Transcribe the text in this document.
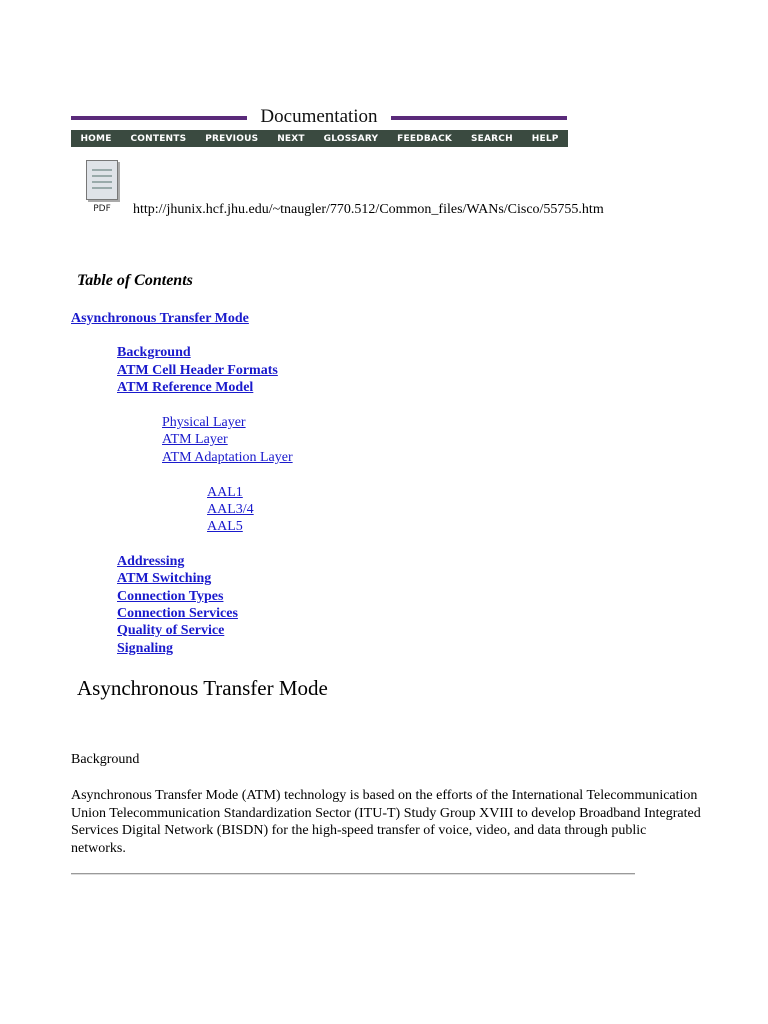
Documentation
HOME	CONTENTS	PREVIOUS	NEXT	GLOSSARY	FEEDBACK	SEARCH	HELP
PDF	http://jhunix.hcf.jhu.edu/~tnaugler/770.512/Common_files/WANs/Cisco/55755.htm
Table of Contents
Asynchronous Transfer Mode
Background
ATM Cell Header Formats
ATM Reference Model
Physical Layer
ATM Layer
ATM Adaptation Layer
AAL1
AAL3/4
AAL5
Addressing
ATM Switching
Connection Types
Connection Services
Quality of Service
Signaling
Asynchronous Transfer Mode
Background

Asynchronous Transfer Mode (ATM) technology is based on the efforts of the International Telecommunication Union Telecommunication Standardization Sector (ITU-T) Study Group XVIII to develop Broadband Integrated Services Digital Network (BISDN) for the high-speed transfer of voice, video, and data through public networks.
